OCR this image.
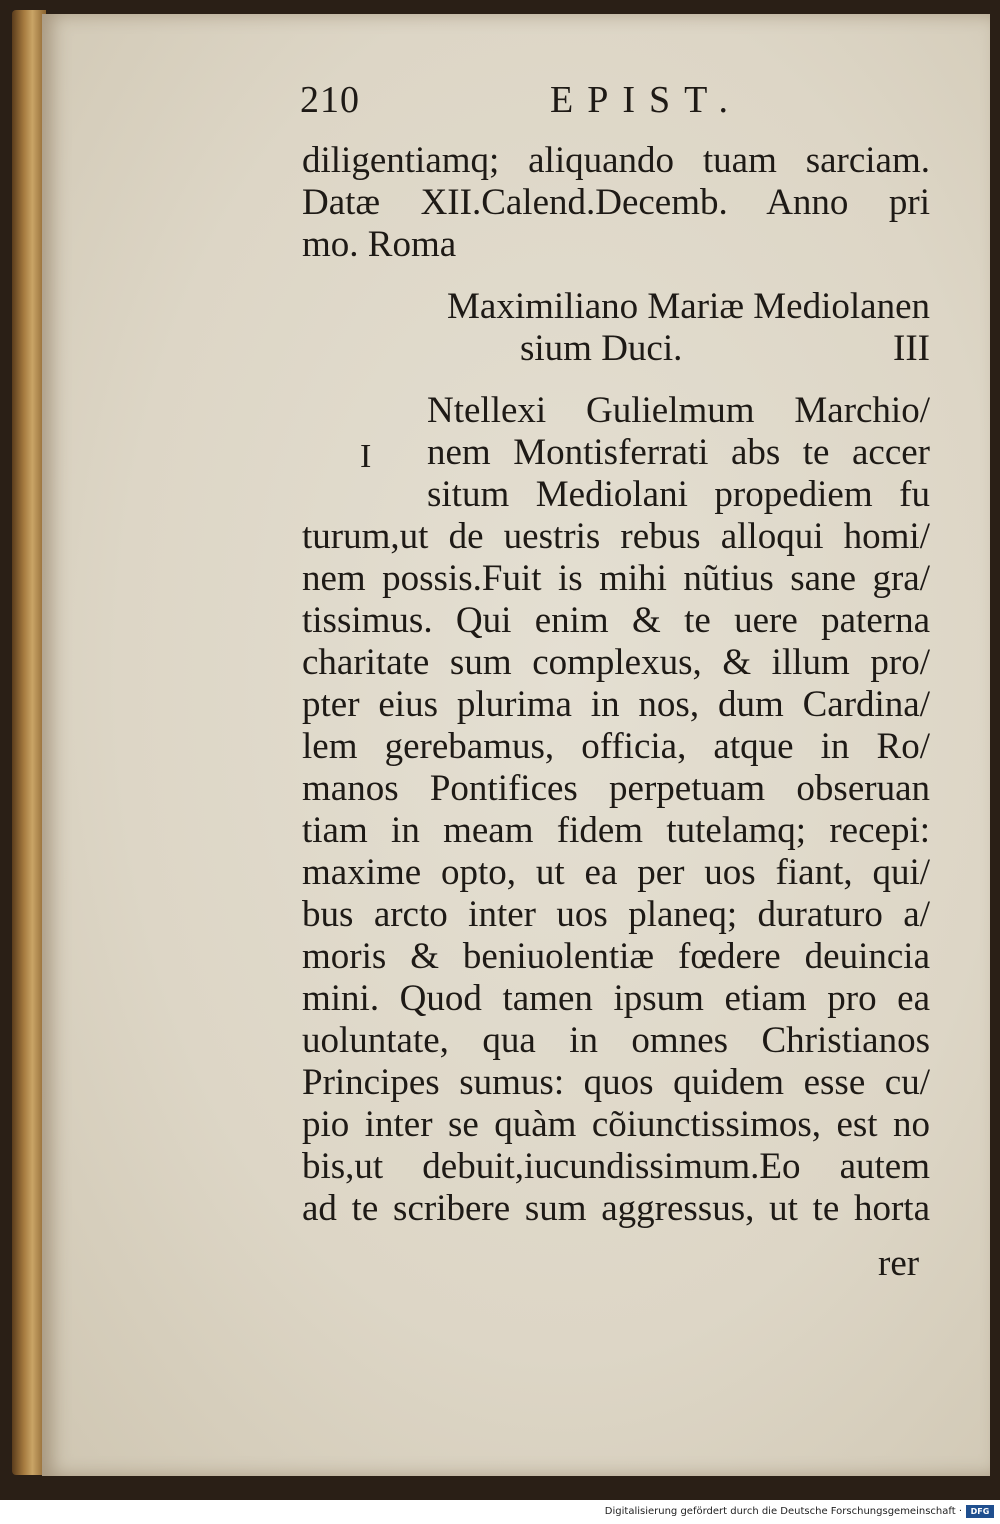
210	EPIST.
diligentiamq; aliquando tuam sarciam.
Datæ XII.Calend.Decemb. Anno pri
mo. Roma
Maximiliano Mariæ Mediolanen
sium Duci.	III
I
Ntellexi Gulielmum Marchio/
nem Montisferrati abs te accer
situm Mediolani propediem fu
turum,ut de uestris rebus alloqui homi/
nem possis.Fuit is mihi nũtius sane gra/
tissimus. Qui enim & te uere paterna
charitate sum complexus, & illum pro/
pter eius plurima in nos, dum Cardina/
lem gerebamus, officia, atque in Ro/
manos Pontifices perpetuam obseruan
tiam in meam fidem tutelamq; recepi:
maxime opto, ut ea per uos fiant, qui/
bus arcto inter uos planeq; duraturo a/
moris & beniuolentiæ fœdere deuincia
mini. Quod tamen ipsum etiam pro ea
uoluntate, qua in omnes Christianos
Principes sumus: quos quidem esse cu/
pio inter se quàm cõiunctissimos, est no
bis,ut debuit,iucundissimum.Eo autem
ad te scribere sum aggressus, ut te horta
rer
Digitalisierung gefördert durch die Deutsche Forschungsgemeinschaft ·	DFG
